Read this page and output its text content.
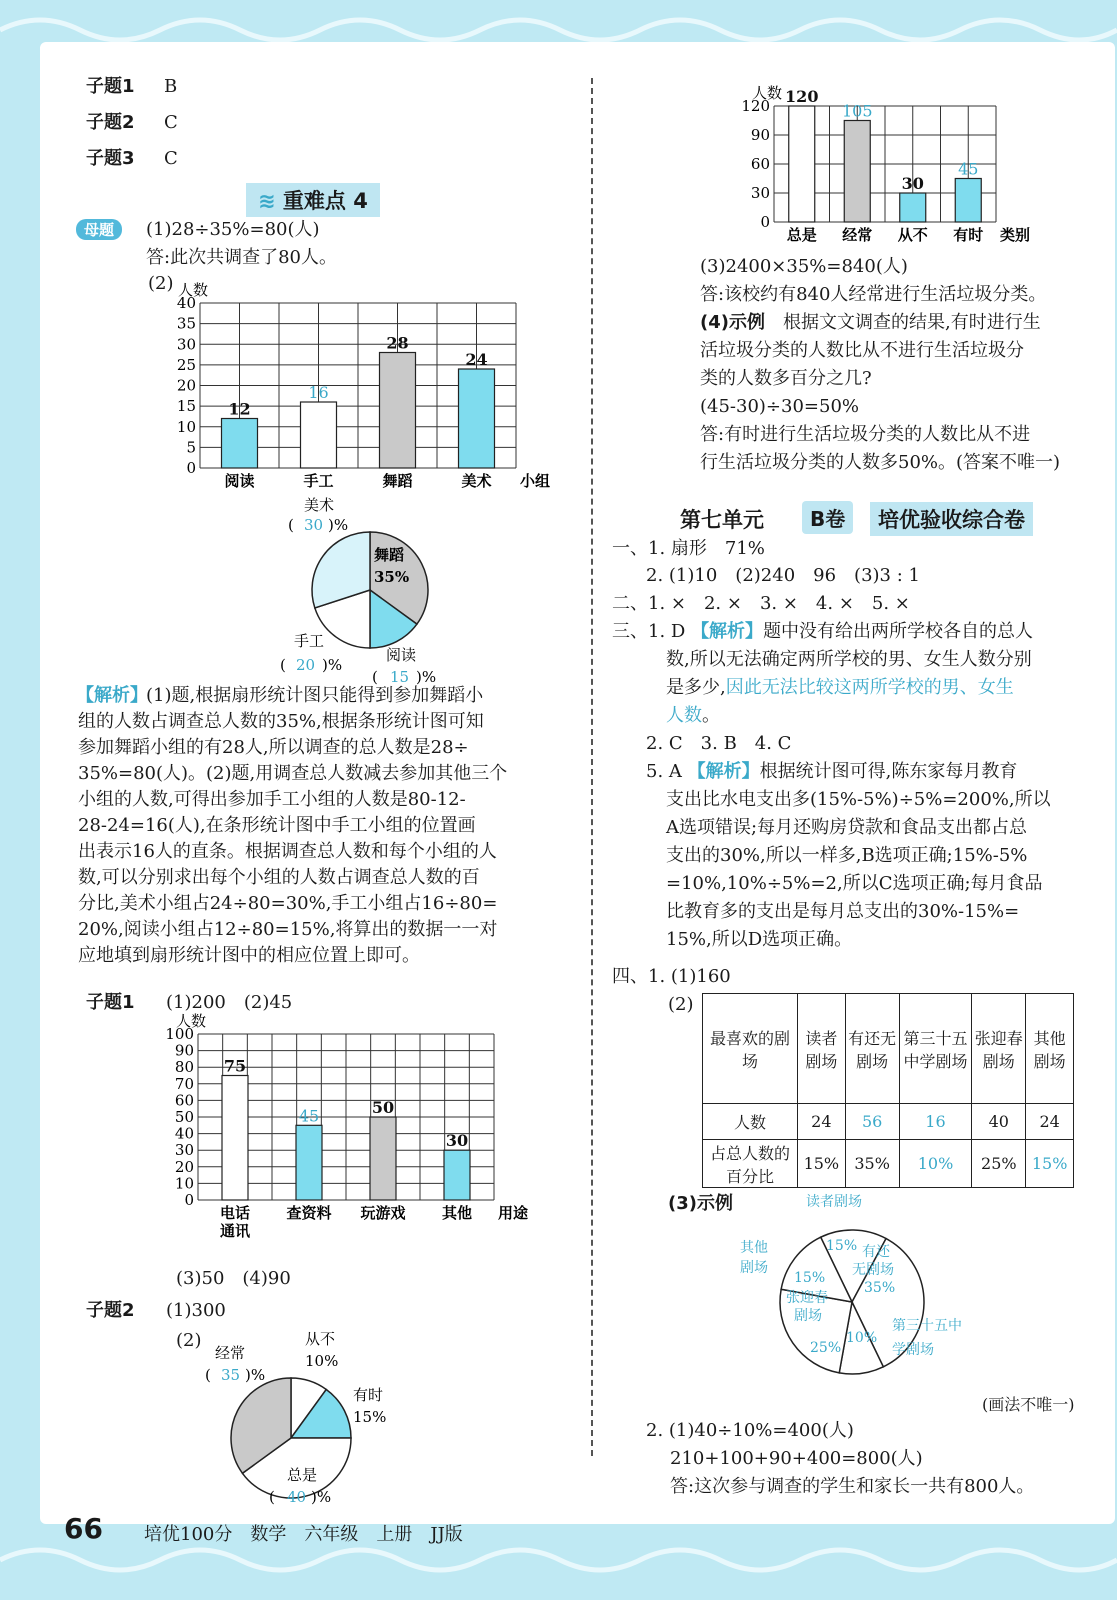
子题1 B
子题2 C
子题3 C
≋ 重难点 4
母题	(1)28÷35%=80(人)
答:此次共调查了80人。
(2)
0
5
10
15
20
25
30
35
40
人数
12
阅读
16
手工
28
舞蹈
24
美术 小组
舞蹈
35%
美术
( 30 )%
手工
( 20 )%
阅读
( 15 )%
【解析】
(1)题,根据扇形统计图只能得到参加舞蹈小
组的人数占调查总人数的35%,根据条形统计图可知
参加舞蹈小组的有28人,所以调查的总人数是28÷
35%=80(人)。(2)题,用调查总人数减去参加其他三个
小组的人数,可得出参加手工小组的人数是80-12-
28-24=16(人),在条形统计图中手工小组的位置画
出表示16人的直条。根据调查总人数和每个小组的人
数,可以分别求出每个小组的人数占调查总人数的百
分比,美术小组占24÷80=30%,手工小组占16÷80=
20%,阅读小组占12÷80=15%,将算出的数据一一对
应地填到扇形统计图中的相应位置上即可。
子题1 (1)200　(2)45
0
10
20
30
40
50
60
70
80
90
100
人数
75
电话
通讯
45
查资料
50
玩游戏
30
其他 用途
(3)50　(4)90
子题2 (1)300
(2)
经常
( 35 )%
从不
10%
有时
15%
总是
( 40 )%
0
30
60
90
120
人数 120
总是
105
经常
30
从不
45
有时 类别
(3)2400×35%=840(人)
答:该校约有840人经常进行生活垃圾分类。
(4)示例　 根据文文调查的结果,有时进行生
活垃圾分类的人数比从不进行生活垃圾分
类的人数多百分之几?
(45-30)÷30=50%
答:有时进行生活垃圾分类的人数比从不进
行生活垃圾分类的人数多50%。(答案不唯一)
第七单元	B卷	培优验收综合卷
一、1. 扇形　71%
2. (1)10　(2)240　96　(3)3 : 1
二、1. ×　2. ×　3. ×　4. ×　5. ×
三、1. D 【解析】题中没有给出两所学校各自的总人
数,所以无法确定两所学校的男、女生人数分别
是多少,因此无法比较这两所学校的男、女生
人数。
2. C　3. B　4. C
5. A 【解析】根据统计图可得,陈东家每月教育
支出比水电支出多(15%-5%)÷5%=200%,所以
A选项错误;每月还购房贷款和食品支出都占总
支出的30%,所以一样多,B选项正确;15%-5%
=10%,10%÷5%=2,所以C选项正确;每月食品
比教育多的支出是每月总支出的30%-15%=
15%,所以D选项正确。
四、1. (1)160
(2)
最喜欢的剧场	读者剧场	有还无剧场	第三十五中学剧场	张迎春剧场	其他剧场
人数	24	56	16	40	24
占总人数的百分比	15%	35%	10%	25%	15%
(3)示例	读者剧场
其他
剧场
有还
无剧场
张迎春
剧场
第三十五中
学剧场
15%
15%
35%
10%
25%
(画法不唯一)
2. (1)40÷10%=400(人)
210+100+90+400=800(人)
答:这次参与调查的学生和家长一共有800人。
66 培优100分　数学　六年级　上册　JJ版
